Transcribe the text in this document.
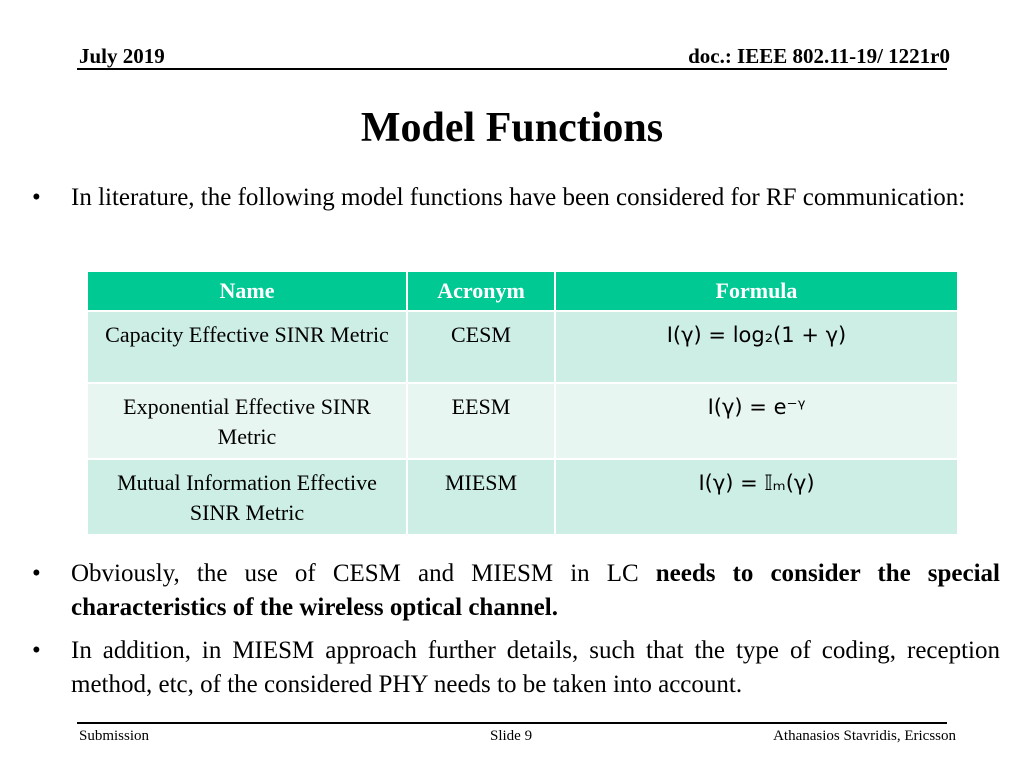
July 2019	doc.: IEEE 802.11-19/ 1221r0
Model Functions
• In literature, the following model functions have been considered for RF communication:
Name	Acronym	Formula
Capacity Effective SINR Metric	CESM	I(γ) = log₂(1 + γ)
Exponential Effective SINR Metric	EESM	I(γ) = e⁻ᵞ
Mutual Information Effective SINR Metric	MIESM	I(γ) = 𝕀ₘ(γ)
• Obviously, the use of CESM and MIESM in LC needs to consider the special characteristics of the wireless optical channel.
• In addition, in MIESM approach further details, such that the type of coding, reception method, etc, of the considered PHY needs to be taken into account.
Submission	Slide 9	Athanasios Stavridis, Ericsson
